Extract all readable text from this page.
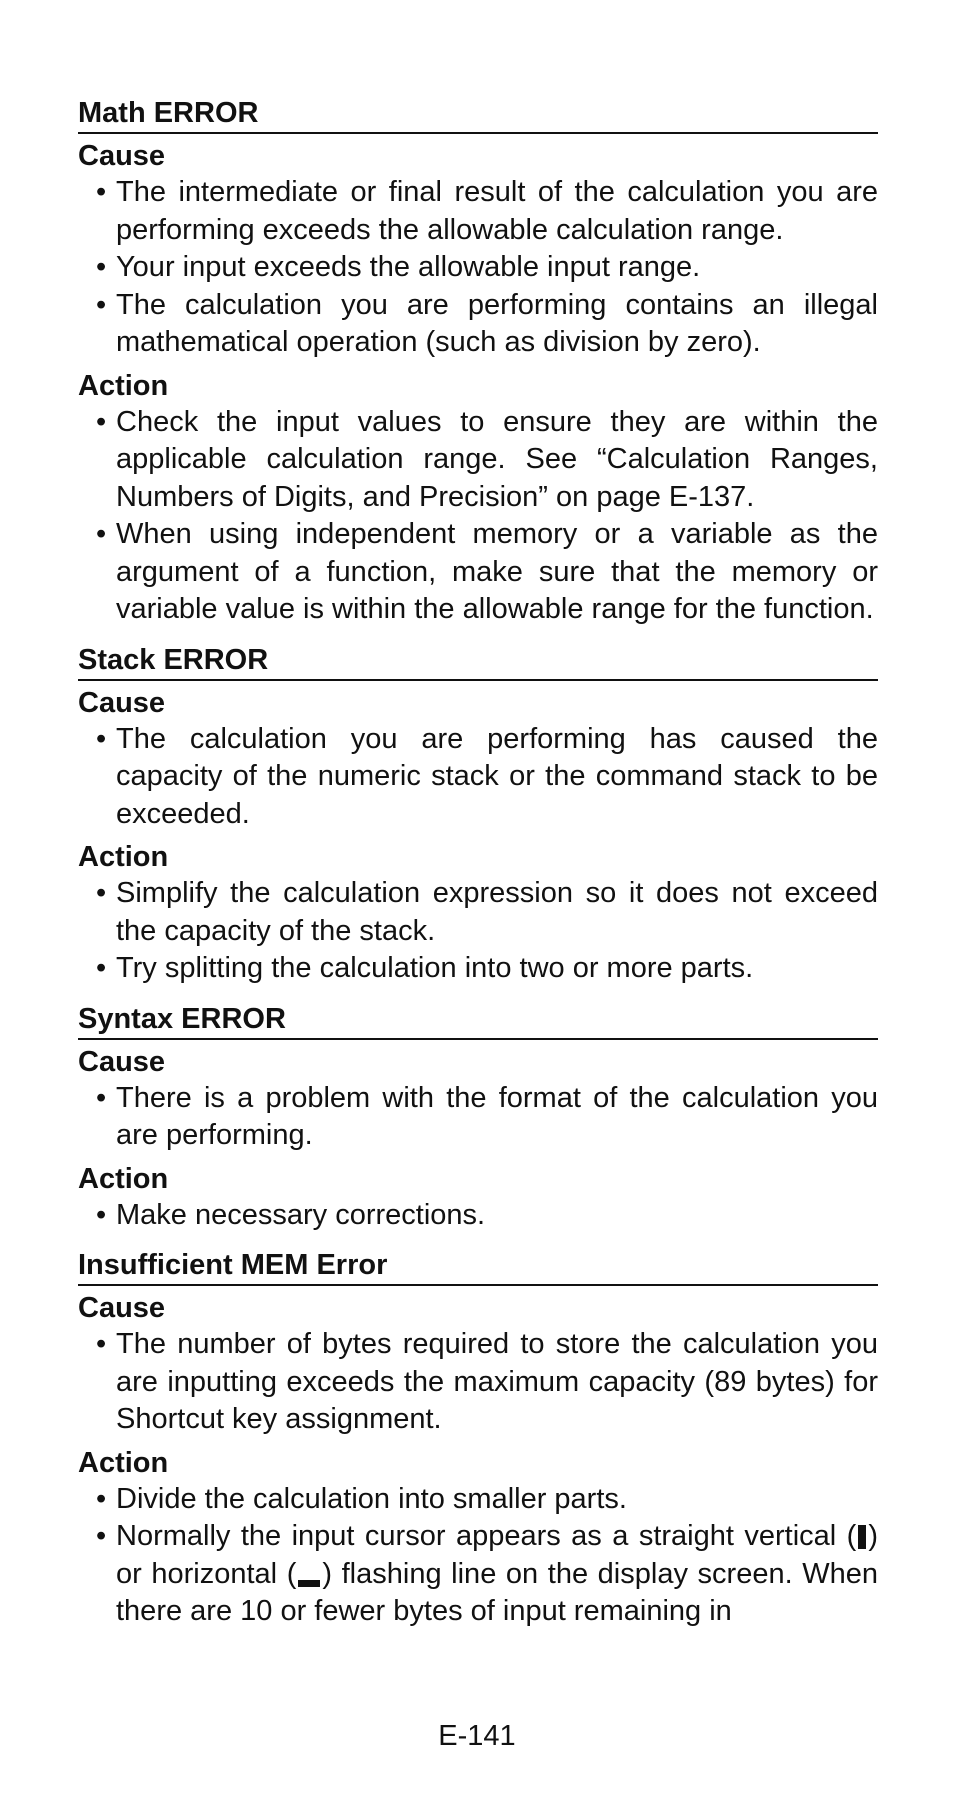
Math ERROR
Cause
• The intermediate or final result of the calculation you are performing exceeds the allowable calculation range.
• Your input exceeds the allowable input range.
• The calculation you are performing contains an illegal mathematical operation (such as division by zero).
Action
• Check the input values to ensure they are within the applicable calculation range. See “Calculation Ranges, Numbers of Digits, and Precision” on page E-137.
• When using independent memory or a variable as the argument of a function, make sure that the memory or variable value is within the allowable range for the function.
Stack ERROR
Cause
• The calculation you are performing has caused the capacity of the numeric stack or the command stack to be exceeded.
Action
• Simplify the calculation expression so it does not exceed the capacity of the stack.
• Try splitting the calculation into two or more parts.
Syntax ERROR
Cause
• There is a problem with the format of the calculation you are performing.
Action
• Make necessary corrections.
Insufficient MEM Error
Cause
• The number of bytes required to store the calculation you are inputting exceeds the maximum capacity (89 bytes) for Shortcut key assignment.
Action
• Divide the calculation into smaller parts.
• Normally the input cursor appears as a straight vertical ( ) or horizontal ( ) flashing line on the display screen. When there are 10 or fewer bytes of input remaining in
E-141
